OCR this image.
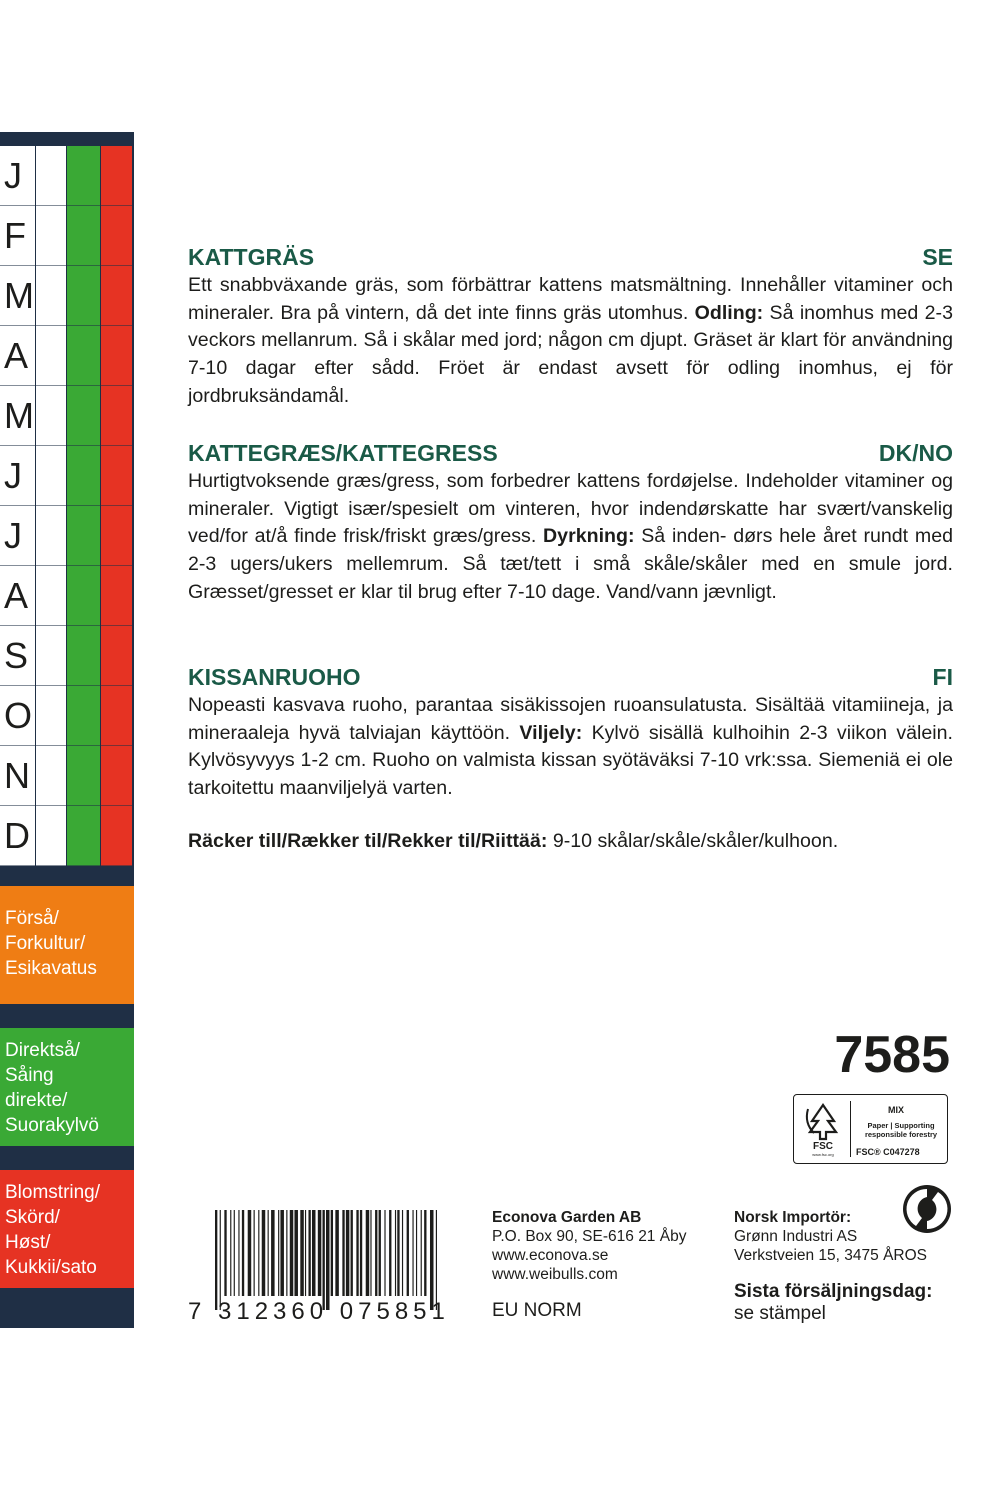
J
F
M
A
M
J
J
A
S
O
N
D
Förså/
Forkultur/
Esikavatus
Direktså/
Såing
direkte/
Suorakylvö
Blomstring/
Skörd/
Høst/
Kukkii/sato
KATTGRÄS	SE
Ett snabbväxande gräs, som förbättrar kattens matsmältning. Innehåller vitaminer och mineraler. Bra på vintern, då det inte finns gräs utomhus. Odling: Så inomhus med 2-3 veckors mellanrum. Så i skålar med jord; någon cm djupt. Gräset är klart för användning 7-10 dagar efter sådd. Fröet är endast avsett för odling inomhus, ej för jordbruksändamål.
KATTEGRÆS/KATTEGRESS	DK/NO
Hurtigtvoksende græs/gress, som forbedrer kattens fordøjelse. Indeholder vitaminer og mineraler. Vigtigt især/spesielt om vinteren, hvor indendørskatte har svært/vanskelig ved/for at/å finde frisk/friskt græs/gress. Dyrkning: Så inden- dørs hele året rundt med 2-3 ugers/ukers mellemrum. Så tæt/tett i små skåle/skåler med en smule jord. Græsset/gresset er klar til brug efter 7-10 dage. Vand/vann jævnligt.
KISSANRUOHO	FI
Nopeasti kasvava ruoho, parantaa sisäkissojen ruoansulatusta. Sisältää vitamiineja, ja mineraaleja hyvä talviajan käyttöön. Viljely: Kylvö sisällä kulhoihin 2-3 viikon välein. Kylvösyvyys 1-2 cm. Ruoho on valmista kissan syötäväksi 7-10 vrk:ssa. Siemeniä ei ole tarkoitettu maanviljelyä varten.
Räcker till/Rækker til/Rekker til/Riittää: 9-10 skålar/skåle/skåler/kulhoon.
7585
FSC
www.fsc.org
MIX
Paper | Supporting responsible forestry
FSC® C047278
7 312360 075851
Econova Garden AB
P.O. Box 90, SE-616 21 Åby
www.econova.se
www.weibulls.com
EU NORM
Norsk Importör:
Grønn Industri AS
Verkstveien 15, 3475 ÅROS
Sista försäljningsdag:
se stämpel
